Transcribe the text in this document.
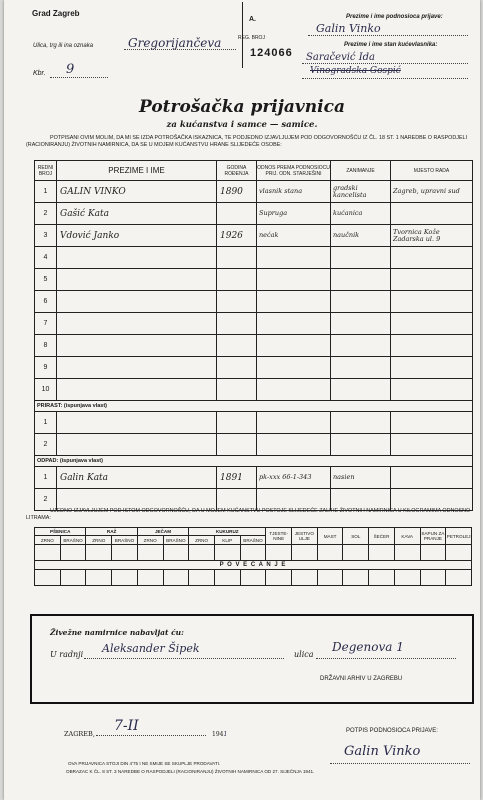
Grad Zagreb
Ulica, trg ili ina oznaka	Gregorijančeva
Kbr. 9
A.
REG. BROJ
124066
Prezime i ime podnosioca prijave:
Galin Vinko
Prezime i ime stan kućevlasnika:
Saračević Ida
Vinogradska Gospić
Potrošačka prijavnica
za kućanstva i samce — samice.
POTPISANI OVIM MOLIM, DA MI SE IZDA POTROŠAČKA ISKAZNICA, TE PODJEDNO IZJAVLJUJEM POD ODGOVORNOŠĆU IZ ČL. 18 ST. 1 NAREDBE O RASPODJELI (RACIONIRANJU) ŽIVOTNIH NAMIRNICA, DA SE U MOJEM KUĆANSTVU HRANE SLIJEDEĆE OSOBE:
REDNI BROJ	PREZIME I IME	GODINA ROĐENJA	ODNOS PREMA PODNOSIOCU PRIJ. ODN. STARJEŠINI	ZANIMANJE	MJESTO RADA
1	GALIN VINKO	1890	vlasnik stana	gradski kancelista	Zagreb, upravni sud
2	Gašić Kata		Supruga	kućanica	
3	Vdović Janko	1926	nećak	naučnik	Tvornica Kože Zadarska ul. 9
4					
5					
6					
7					
8					
9					
10					
PRIRAST: (ispunjava vlast)					
1					
2					
ODPAD: (ispunjava vlast)					
1	Galin Kata	1891	pk-xxx 66-1-343	nasien	
2					
UJEDNO IZJAVLJUJEM POD ISTOM ODGOVORNOŠĆU, DA U MOJEM KUĆANSTVU POSTOJE SLIJEDEĆE ZALIHE ŽIVOTNIH NAMIRNICA U KILOGRAMIMA ODNOSNO LITRAMA:
PŠENICA		RAŽ		JEČAM		KUKURUZ			TJESTENINE	JESTIVO ULJE	MAST	SOL	ŠEĆER	KAVA	SAPUN ZA PRANJE	PETROLEJ
ZRNO	BRAŠNO	ZRNO	BRAŠNO	ZRNO	BRAŠNO	ZRNO	KLIP	BRAŠNO								

P O V E Ć A N J E																

Živežne namirnice nabavljat ću:
U radnji Aleksander Šipek	ulica
Degenova 1
DRŽAVNI ARHIV U ZAGREBU
ZAGREB, 7-II
1941	POTPIS PODNOSIOCA PRIJAVE:
Galin Vinko
OVA PRIJAVNICA STOJI DIN 4'75 I NE SMIJE SE SKUPLJE PRODAVATI.
OBRAZAC K ČL. 8 ST. 3 NAREDBE O RASPODJELI (RACIONIRANJU) ŽIVOTNIH NAMIRNICA OD 27. SIJEČNJA 1941.
